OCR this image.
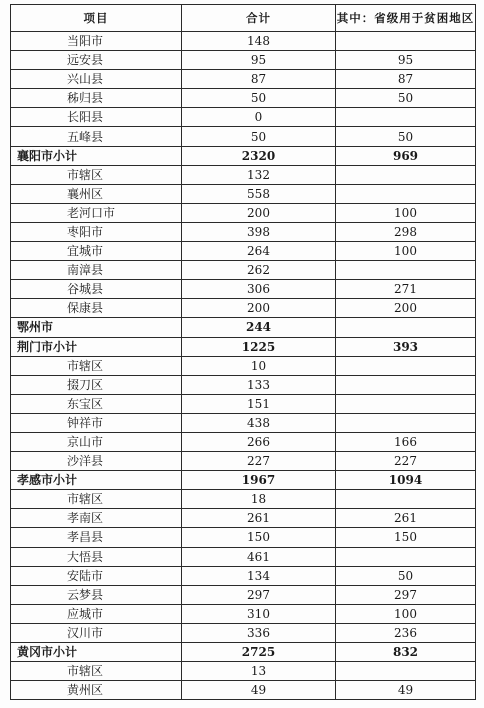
项目	合计	其中：省级用于贫困地区
当阳市	148	
远安县	95	95
兴山县	87	87
秭归县	50	50
长阳县	0	
五峰县	50	50
襄阳市小计	2320	969
市辖区	132	
襄州区	558	
老河口市	200	100
枣阳市	398	298
宜城市	264	100
南漳县	262	
谷城县	306	271
保康县	200	200
鄂州市	244	
荆门市小计	1225	393
市辖区	10	
掇刀区	133	
东宝区	151	
钟祥市	438	
京山市	266	166
沙洋县	227	227
孝感市小计	1967	1094
市辖区	18	
孝南区	261	261
孝昌县	150	150
大悟县	461	
安陆市	134	50
云梦县	297	297
应城市	310	100
汉川市	336	236
黄冈市小计	2725	832
市辖区	13	
黄州区	49	49
